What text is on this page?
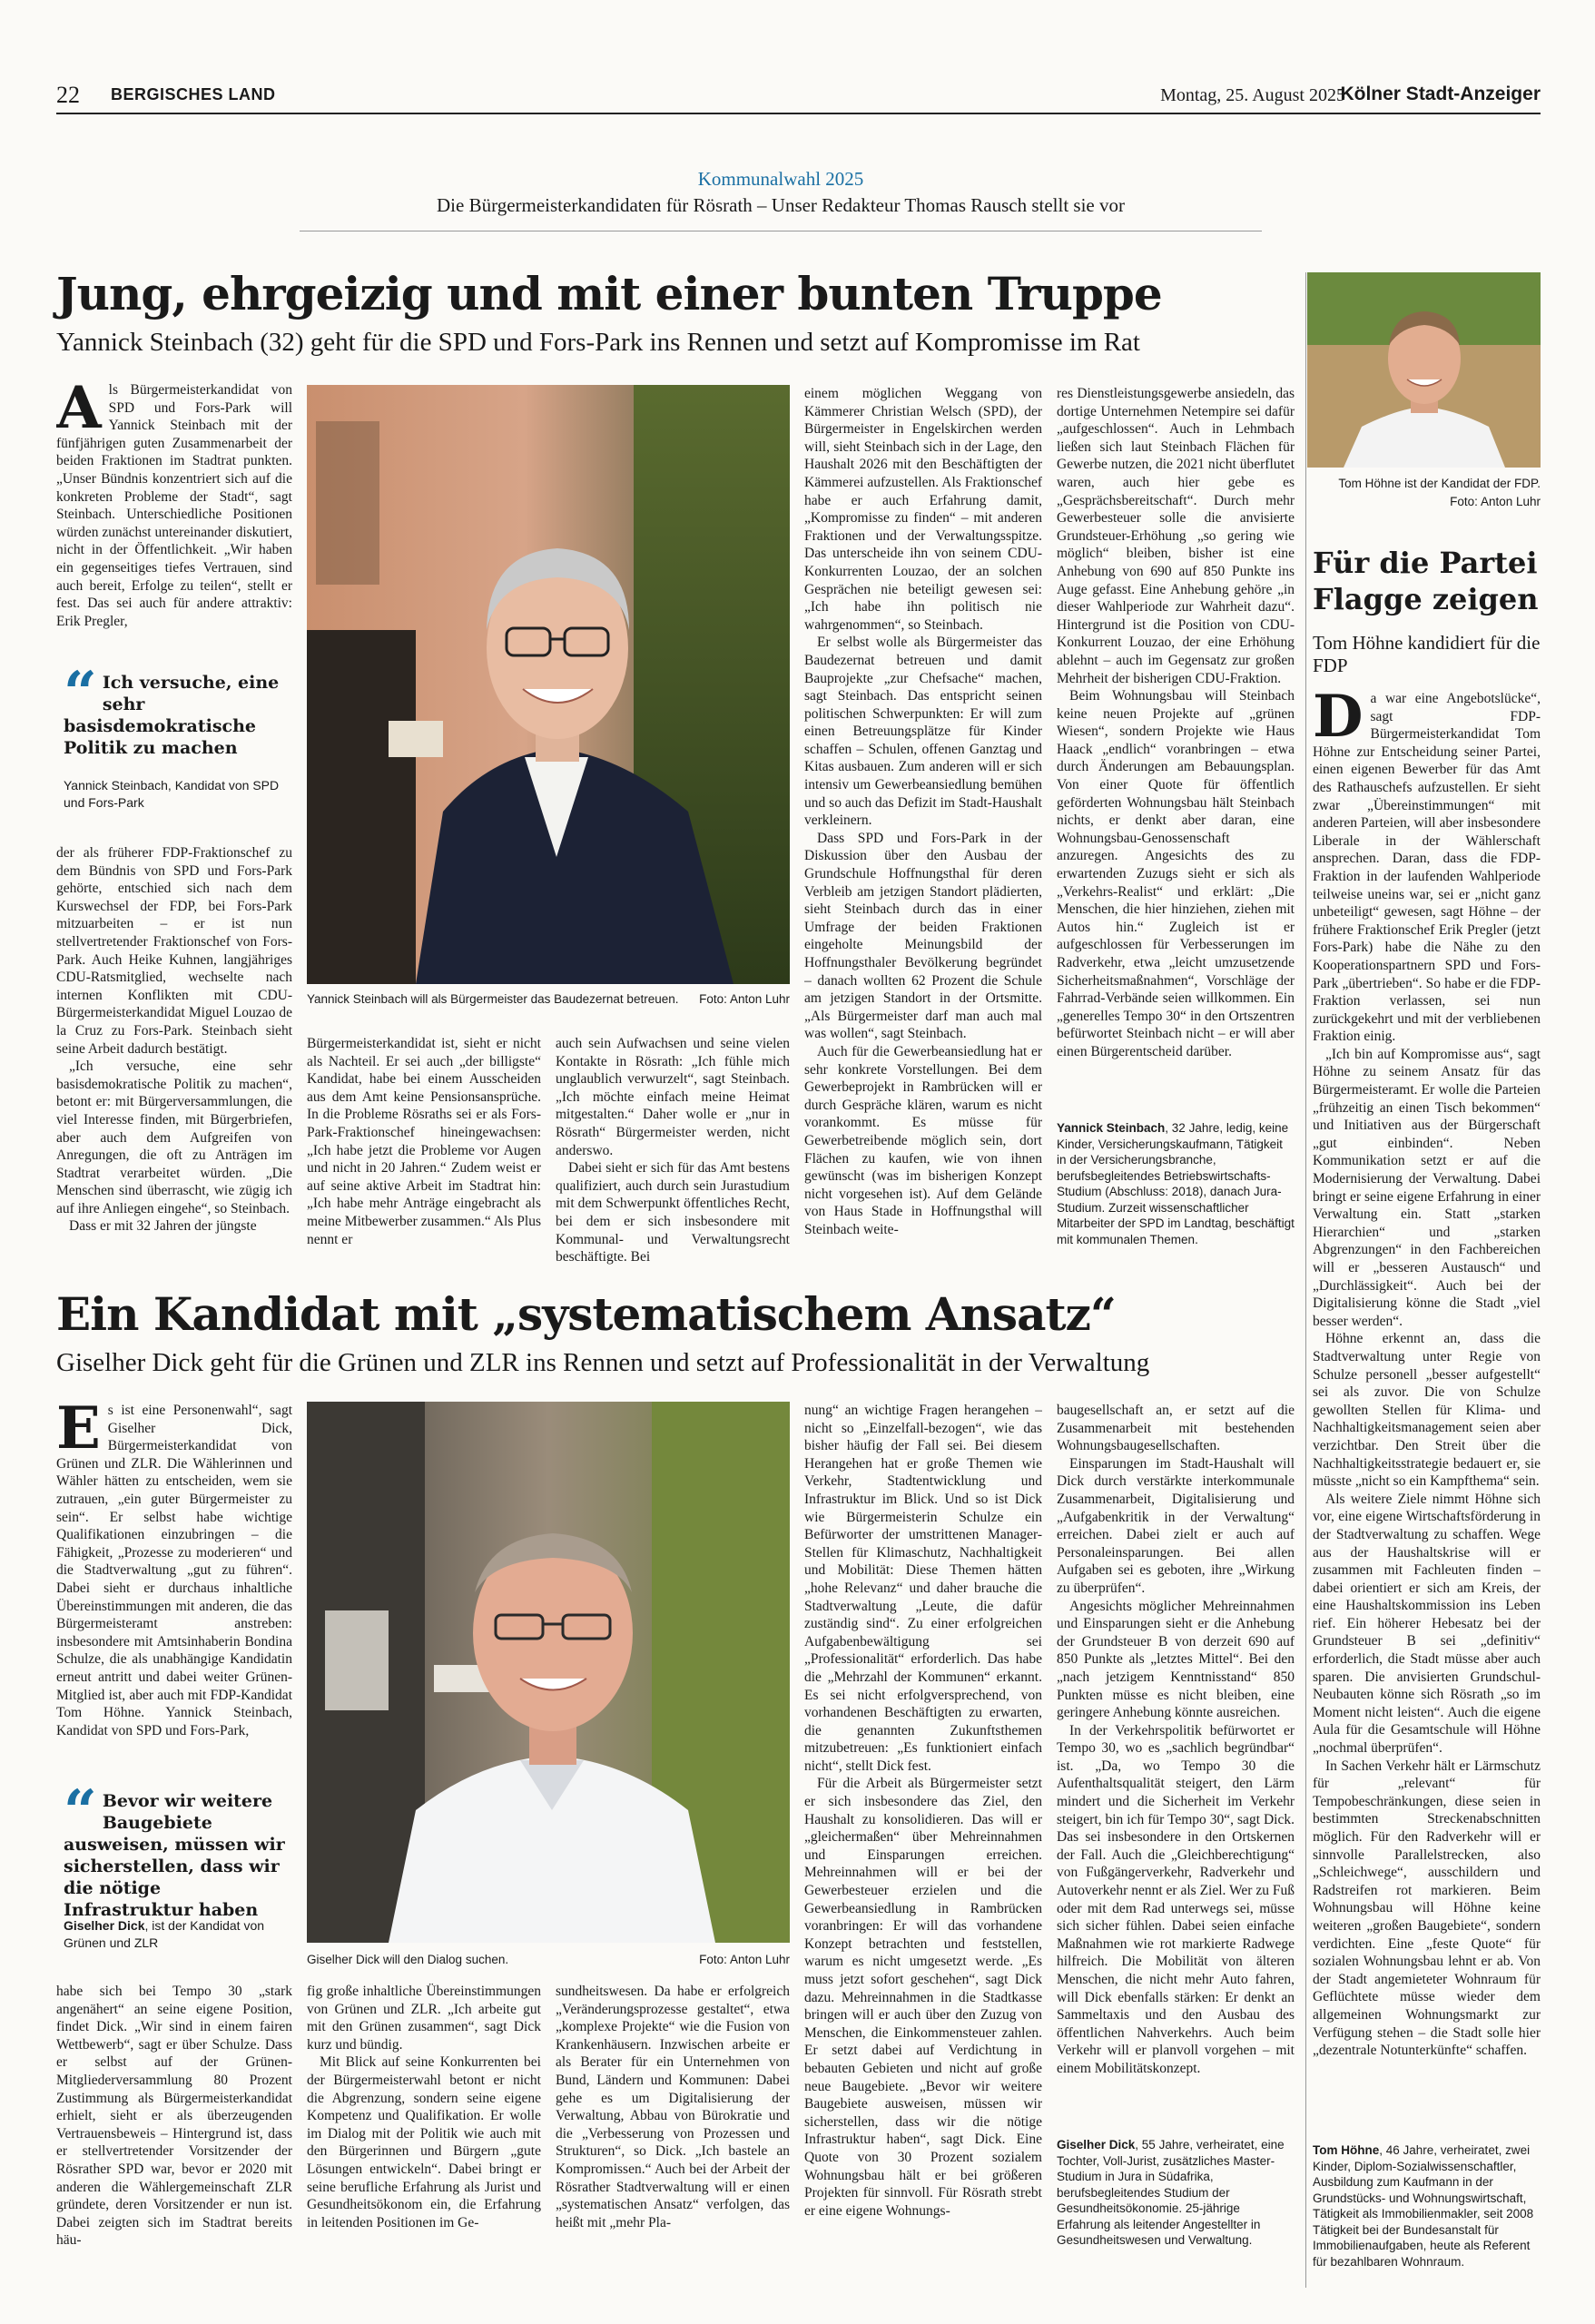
22 BERGISCHES LAND	Montag, 25. August 2025
Kölner Stadt-Anzeiger
Kommunalwahl 2025
Die Bürgermeisterkandidaten für Rösrath – Unser Redakteur Thomas Rausch stellt sie vor
Jung, ehrgeizig und mit einer bunten Truppe
Yannick Steinbach (32) geht für die SPD und Fors-Park ins Rennen und setzt auf Kompromisse im Rat
A ls Bürgermeisterkandidat von SPD und Fors-Park will Yannick Steinbach mit der fünfjährigen guten Zusammenarbeit der beiden Fraktionen im Stadtrat punkten. „Unser Bündnis konzentriert sich auf die konkreten Probleme der Stadt“, sagt Steinbach. Unterschiedliche Positionen würden zunächst untereinander diskutiert, nicht in der Öffentlichkeit. „Wir haben ein gegenseitiges tiefes Vertrauen, sind auch bereit, Erfolge zu teilen“, stellt er fest. Das sei auch für andere attraktiv: Erik Pregler,
“ Ich versuche, eine sehr basisdemokratische Politik zu machen
Yannick Steinbach, Kandidat von SPD und Fors-Park

der als früherer FDP-Fraktionschef zu dem Bündnis von SPD und Fors-Park gehörte, entschied sich nach dem Kurswechsel der FDP, bei Fors-Park mitzuarbeiten – er ist nun stellvertretender Fraktionschef von Fors-Park. Auch Heike Kuhnen, langjähriges CDU-Ratsmitglied, wechselte nach internen Konflikten mit CDU-Bürgermeisterkandidat Miguel Louzao de la Cruz zu Fors-Park. Steinbach sieht seine Arbeit dadurch bestätigt.

„Ich versuche, eine sehr basisdemokratische Politik zu machen“, betont er: mit Bürgerversammlungen, die viel Interesse finden, mit Bürgerbriefen, aber auch dem Aufgreifen von Anregungen, die oft zu Anträgen im Stadtrat verarbeitet würden. „Die Menschen sind überrascht, wie zügig ich auf ihre Anliegen eingehe“, so Steinbach.

Dass er mit 32 Jahren der jüngste

Yannick Steinbach will als Bürgermeister das Baudezernat betreuen.	Foto: Anton Luhr

Bürgermeisterkandidat ist, sieht er nicht als Nachteil. Er sei auch „der billigste“ Kandidat, habe bei einem Ausscheiden aus dem Amt keine Pensionsansprüche. In die Probleme Rösraths sei er als Fors-Park-Fraktionschef hineingewachsen: „Ich habe jetzt die Probleme vor Augen und nicht in 20 Jahren.“ Zudem weist er auf seine aktive Arbeit im Stadtrat hin: „Ich habe mehr Anträge eingebracht als meine Mitbewerber zusammen.“ Als Plus nennt er

auch sein Aufwachsen und seine vielen Kontakte in Rösrath: „Ich fühle mich unglaublich verwurzelt“, sagt Steinbach. „Ich möchte einfach meine Heimat mitgestalten.“ Daher wolle er „nur in Rösrath“ Bürgermeister werden, nicht anderswo.

Dabei sieht er sich für das Amt bestens qualifiziert, auch durch sein Jurastudium mit dem Schwerpunkt öffentliches Recht, bei dem er sich insbesondere mit Kommunal- und Verwaltungsrecht beschäftigte. Bei

einem möglichen Weggang von Kämmerer Christian Welsch (SPD), der Bürgermeister in Engelskirchen werden will, sieht Steinbach sich in der Lage, den Haushalt 2026 mit den Beschäftigten der Kämmerei aufzustellen. Als Fraktionschef habe er auch Erfahrung damit, „Kompromisse zu finden“ – mit anderen Fraktionen und der Verwaltungsspitze. Das unterscheide ihn von seinem CDU-Konkurrenten Louzao, der an solchen Gesprächen nie beteiligt gewesen sei: „Ich habe ihn politisch nie wahrgenommen“, so Steinbach.

Er selbst wolle als Bürgermeister das Baudezernat betreuen und damit Bauprojekte „zur Chefsache“ machen, sagt Steinbach. Das entspricht seinen politischen Schwerpunkten: Er will zum einen Betreuungsplätze für Kinder schaffen – Schulen, offenen Ganztag und Kitas ausbauen. Zum anderen will er sich intensiv um Gewerbeansiedlung bemühen und so auch das Defizit im Stadt-Haushalt verkleinern.

Dass SPD und Fors-Park in der Diskussion über den Ausbau der Grundschule Hoffnungsthal für deren Verbleib am jetzigen Standort plädierten, sieht Steinbach durch das in einer Umfrage der beiden Fraktionen eingeholte Meinungsbild der Hoffnungsthaler Bevölkerung begründet – danach wollten 62 Prozent die Schule am jetzigen Standort in der Ortsmitte. „Als Bürgermeister darf man auch mal was wollen“, sagt Steinbach.

Auch für die Gewerbeansiedlung hat er sehr konkrete Vorstellungen. Bei dem Gewerbeprojekt in Rambrücken will er durch Gespräche klären, warum es nicht vorankommt. Es müsse für Gewerbetreibende möglich sein, dort Flächen zu kaufen, wie von ihnen gewünscht (was im bisherigen Konzept nicht vorgesehen ist). Auf dem Gelände von Haus Stade in Hoffnungsthal will Steinbach weite-

res Dienstleistungsgewerbe ansiedeln, das dortige Unternehmen Netempire sei dafür „aufgeschlossen“. Auch in Lehmbach ließen sich laut Steinbach Flächen für Gewerbe nutzen, die 2021 nicht überflutet waren, auch hier gebe es „Gesprächsbereitschaft“. Durch mehr Gewerbesteuer solle die anvisierte Grundsteuer-Erhöhung „so gering wie möglich“ bleiben, bisher ist eine Anhebung von 690 auf 850 Punkte ins Auge gefasst. Eine Anhebung gehöre „in dieser Wahlperiode zur Wahrheit dazu“. Hintergrund ist die Position von CDU-Konkurrent Louzao, der eine Erhöhung ablehnt – auch im Gegensatz zur großen Mehrheit der bisherigen CDU-Fraktion.

Beim Wohnungsbau will Steinbach keine neuen Projekte auf „grünen Wiesen“, sondern Projekte wie Haus Haack „endlich“ voranbringen – etwa durch Änderungen am Bebauungsplan. Von einer Quote für öffentlich geförderten Wohnungsbau hält Steinbach nichts, er denkt aber daran, eine Wohnungsbau-Genossenschaft anzuregen. Angesichts des zu erwartenden Zuzugs sieht er sich als „Verkehrs-Realist“ und erklärt: „Die Menschen, die hier hinziehen, ziehen mit Autos hin.“ Zugleich ist er aufgeschlossen für Verbesserungen im Radverkehr, etwa „leicht umzusetzende Sicherheitsmaßnahmen“, Vorschläge der Fahrrad-Verbände seien willkommen. Ein „generelles Tempo 30“ in den Ortszentren befürwortet Steinbach nicht – er will aber einen Bürgerentscheid darüber.

Yannick Steinbach, 32 Jahre, ledig, keine Kinder, Versicherungskaufmann, Tätigkeit in der Versicherungsbranche, berufsbegleitendes Betriebswirtschafts-Studium (Abschluss: 2018), danach Jura-Studium. Zurzeit wissenschaftlicher Mitarbeiter der SPD im Landtag, beschäftigt mit kommunalen Themen.
Ein Kandidat mit „systematischem Ansatz“
Giselher Dick geht für die Grünen und ZLR ins Rennen und setzt auf Professionalität in der Verwaltung
E s ist eine Personenwahl“, sagt Giselher Dick, Bürgermeisterkandidat von Grünen und ZLR. Die Wählerinnen und Wähler hätten zu entscheiden, wem sie zutrauen, „ein guter Bürgermeister zu sein“. Er selbst habe wichtige Qualifikationen einzubringen – die Fähigkeit, „Prozesse zu moderieren“ und die Stadtverwaltung „gut zu führen“. Dabei sieht er durchaus inhaltliche Übereinstimmungen mit anderen, die das Bürgermeisteramt anstreben: insbesondere mit Amtsinhaberin Bondina Schulze, die als unabhängige Kandidatin erneut antritt und dabei weiter Grünen-Mitglied ist, aber auch mit FDP-Kandidat Tom Höhne. Yannick Steinbach, Kandidat von SPD und Fors-Park,
“ Bevor wir weitere Baugebiete ausweisen, müssen wir sicherstellen, dass wir die nötige Infrastruktur haben
Giselher Dick, ist der Kandidat von Grünen und ZLR

habe sich bei Tempo 30 „stark angenähert“ an seine eigene Position, findet Dick. „Wir sind in einem fairen Wettbewerb“, sagt er über Schulze. Dass er selbst auf der Grünen-Mitgliederversammlung 80 Prozent Zustimmung als Bürgermeisterkandidat erhielt, sieht er als überzeugenden Vertrauensbeweis – Hintergrund ist, dass er stellvertretender Vorsitzender der Rösrather SPD war, bevor er 2020 mit anderen die Wählergemeinschaft ZLR gründete, deren Vorsitzender er nun ist. Dabei zeigten sich im Stadtrat bereits häu-

Giselher Dick will den Dialog suchen.	Foto: Anton Luhr

fig große inhaltliche Übereinstimmungen von Grünen und ZLR. „Ich arbeite gut mit den Grünen zusammen“, sagt Dick kurz und bündig.

Mit Blick auf seine Konkurrenten bei der Bürgermeisterwahl betont er nicht die Abgrenzung, sondern seine eigene Kompetenz und Qualifikation. Er wolle im Dialog mit der Politik wie auch mit den Bürgerinnen und Bürgern „gute Lösungen entwickeln“. Dabei bringt er seine berufliche Erfahrung als Jurist und Gesundheitsökonom ein, die Erfahrung in leitenden Positionen im Ge-

sundheitswesen. Da habe er erfolgreich „Veränderungsprozesse gestaltet“, etwa „komplexe Projekte“ wie die Fusion von Krankenhäusern. Inzwischen arbeite er als Berater für ein Unternehmen von Bund, Ländern und Kommunen: Dabei gehe es um Digitalisierung der Verwaltung, Abbau von Bürokratie und die „Verbesserung von Prozessen und Strukturen“, so Dick. „Ich bastele an Kompromissen.“ Auch bei der Arbeit der Rösrather Stadtverwaltung will er einen „systematischen Ansatz“ verfolgen, das heißt mit „mehr Pla-

nung“ an wichtige Fragen herangehen – nicht so „Einzelfall-bezogen“, wie das bisher häufig der Fall sei. Bei diesem Herangehen hat er große Themen wie Verkehr, Stadtentwicklung und Infrastruktur im Blick. Und so ist Dick wie Bürgermeisterin Schulze ein Befürworter der umstrittenen Manager-Stellen für Klimaschutz, Nachhaltigkeit und Mobilität: Diese Themen hätten „hohe Relevanz“ und daher brauche die Stadtverwaltung „Leute, die dafür zuständig sind“. Zu einer erfolgreichen Aufgabenbewältigung sei „Professionalität“ erforderlich. Das habe die „Mehrzahl der Kommunen“ erkannt. Es sei nicht erfolgversprechend, von vorhandenen Beschäftigten zu erwarten, die genannten Zukunftsthemen mitzubetreuen: „Es funktioniert einfach nicht“, stellt Dick fest.

Für die Arbeit als Bürgermeister setzt er sich insbesondere das Ziel, den Haushalt zu konsolidieren. Das will er „gleichermaßen“ über Mehreinnahmen und Einsparungen erreichen. Mehreinnahmen will er bei der Gewerbesteuer erzielen und die Gewerbeansiedlung in Rambrücken voranbringen: Er will das vorhandene Konzept betrachten und feststellen, warum es nicht umgesetzt werde. „Es muss jetzt sofort geschehen“, sagt Dick dazu. Mehreinnahmen in die Stadtkasse bringen will er auch über den Zuzug von Menschen, die Einkommensteuer zahlen. Er setzt dabei auf Verdichtung in bebauten Gebieten und nicht auf große neue Baugebiete. „Bevor wir weitere Baugebiete ausweisen, müssen wir sicherstellen, dass wir die nötige Infrastruktur haben“, sagt Dick. Eine Quote von 30 Prozent sozialem Wohnungsbau hält er bei größeren Projekten für sinnvoll. Für Rösrath strebt er eine eigene Wohnungs-

baugesellschaft an, er setzt auf die Zusammenarbeit mit bestehenden Wohnungsbaugesellschaften.

Einsparungen im Stadt-Haushalt will Dick durch verstärkte interkommunale Zusammenarbeit, Digitalisierung und „Aufgabenkritik in der Verwaltung“ erreichen. Dabei zielt er auch auf Personaleinsparungen. Bei allen Aufgaben sei es geboten, ihre „Wirkung zu überprüfen“.

Angesichts möglicher Mehreinnahmen und Einsparungen sieht er die Anhebung der Grundsteuer B von derzeit 690 auf 850 Punkte als „letztes Mittel“. Bei den „nach jetzigem Kenntnisstand“ 850 Punkten müsse es nicht bleiben, eine geringere Anhebung könnte ausreichen.

In der Verkehrspolitik befürwortet er Tempo 30, wo es „sachlich begründbar“ ist. „Da, wo Tempo 30 die Aufenthaltsqualität steigert, den Lärm mindert und die Sicherheit im Verkehr steigert, bin ich für Tempo 30“, sagt Dick. Das sei insbesondere in den Ortskernen der Fall. Auch die „Gleichberechtigung“ von Fußgängerverkehr, Radverkehr und Autoverkehr nennt er als Ziel. Wer zu Fuß oder mit dem Rad unterwegs sei, müsse sich sicher fühlen. Dabei seien einfache Maßnahmen wie rot markierte Radwege hilfreich. Die Mobilität von älteren Menschen, die nicht mehr Auto fahren, will Dick ebenfalls stärken: Er denkt an Sammeltaxis und den Ausbau des öffentlichen Nahverkehrs. Auch beim Verkehr will er planvoll vorgehen – mit einem Mobilitätskonzept.

Giselher Dick, 55 Jahre, verheiratet, eine Tochter, Voll-Jurist, zusätzliches Master-Studium in Jura in Südafrika, berufsbegleitendes Studium der Gesundheitsökonomie. 25-jährige Erfahrung als leitender Angestellter in Gesundheitswesen und Verwaltung.
Tom Höhne ist der Kandidat der FDP.
Foto: Anton Luhr
Für die Partei Flagge zeigen
Tom Höhne kandidiert für die FDP

Da war eine Angebotslücke“, sagt FDP-Bürgermeisterkandidat Tom Höhne zur Entscheidung seiner Partei, einen eigenen Bewerber für das Amt des Rathauschefs aufzustellen. Er sieht zwar „Übereinstimmungen“ mit anderen Parteien, will aber insbesondere Liberale in der Wählerschaft ansprechen. Daran, dass die FDP-Fraktion in der laufenden Wahlperiode teilweise uneins war, sei er „nicht ganz unbeteiligt“ gewesen, sagt Höhne – der frühere Fraktionschef Erik Pregler (jetzt Fors-Park) habe die Nähe zu den Kooperationspartnern SPD und Fors-Park „übertrieben“. So habe er die FDP-Fraktion verlassen, sei nun zurückgekehrt und mit der verbliebenen Fraktion einig.

„Ich bin auf Kompromisse aus“, sagt Höhne zu seinem Ansatz für das Bürgermeisteramt. Er wolle die Parteien „frühzeitig an einen Tisch bekommen“ und Initiativen aus der Bürgerschaft „gut einbinden“. Neben Kommunikation setzt er auf die Modernisierung der Verwaltung. Dabei bringt er seine eigene Erfahrung in einer Verwaltung ein. Statt „starken Hierarchien“ und „starken Abgrenzungen“ in den Fachbereichen will er „besseren Austausch“ und „Durchlässigkeit“. Auch bei der Digitalisierung könne die Stadt „viel besser werden“.

Höhne erkennt an, dass die Stadtverwaltung unter Regie von Schulze personell „besser aufgestellt“ sei als zuvor. Die von Schulze gewollten Stellen für Klima- und Nachhaltigkeitsmanagement seien aber verzichtbar. Den Streit über die Nachhaltigkeitsstrategie bedauert er, sie müsste „nicht so ein Kampfthema“ sein.

Als weitere Ziele nimmt Höhne sich vor, eine eigene Wirtschaftsförderung in der Stadtverwaltung zu schaffen. Wege aus der Haushaltskrise will er zusammen mit Fachleuten finden – dabei orientiert er sich am Kreis, der eine Haushaltskommission ins Leben rief. Ein höherer Hebesatz bei der Grundsteuer B sei „definitiv“ erforderlich, die Stadt müsse aber auch sparen. Die anvisierten Grundschul-Neubauten könne sich Rösrath „so im Moment nicht leisten“. Auch die eigene Aula für die Gesamtschule will Höhne „nochmal überprüfen“.

In Sachen Verkehr hält er Lärmschutz für „relevant“ für Tempobeschränkungen, diese seien in bestimmten Streckenabschnitten möglich. Für den Radverkehr will er sinnvolle Parallelstrecken, also „Schleichwege“, ausschildern und Radstreifen rot markieren. Beim Wohnungsbau will Höhne keine weiteren „großen Baugebiete“, sondern verdichten. Eine „feste Quote“ für sozialen Wohnungsbau lehnt er ab. Von der Stadt angemieteter Wohnraum für Geflüchtete müsse wieder dem allgemeinen Wohnungsmarkt zur Verfügung stehen – die Stadt solle hier „dezentrale Notunterkünfte“ schaffen.

Tom Höhne, 46 Jahre, verheiratet, zwei Kinder, Diplom-Sozialwissenschaftler, Ausbildung zum Kaufmann in der Grundstücks- und Wohnungswirtschaft, Tätigkeit als Immobilienmakler, seit 2008 Tätigkeit bei der Bundesanstalt für Immobilienaufgaben, heute als Referent für bezahlbaren Wohnraum.
